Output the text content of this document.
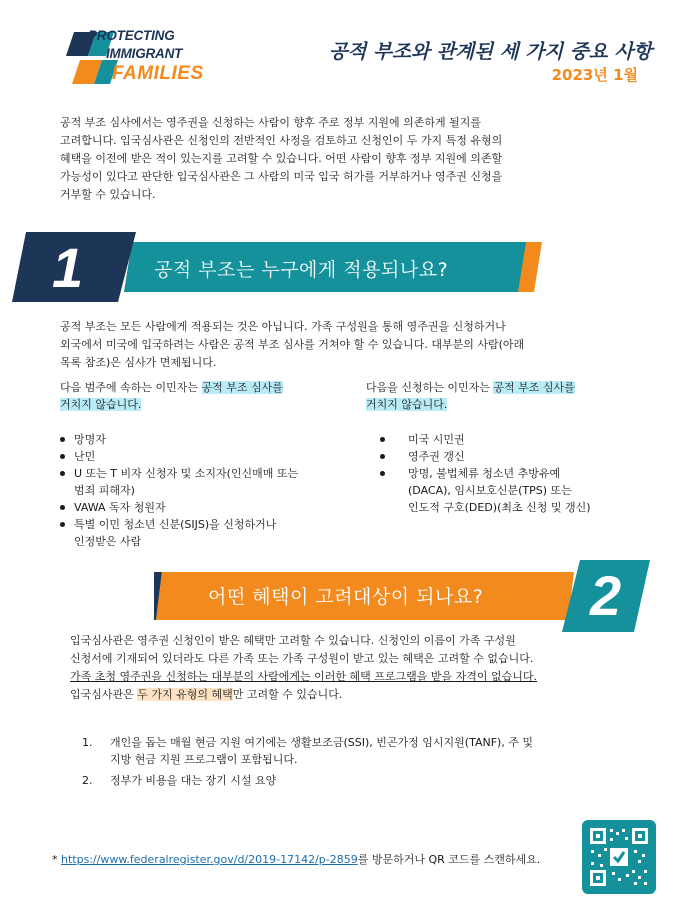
PROTECTING
IMMIGRANT
FAMILIES
공적 부조와 관계된 세 가지 중요 사항
2023년 1월
공적 부조 심사에서는 영주권을 신청하는 사람이 향후 주로 정부 지원에 의존하게 될지를
고려합니다. 입국심사관은 신청인의 전반적인 사정을 검토하고 신청인이 두 가지 특정 유형의
혜택을 이전에 받은 적이 있는지를 고려할 수 있습니다. 어떤 사람이 향후 정부 지원에 의존할
가능성이 있다고 판단한 입국심사관은 그 사람의 미국 입국 허가를 거부하거나 영주권 신청을
거부할 수 있습니다.
1	공적 부조는 누구에게 적용되나요?
공적 부조는 모든 사람에게 적용되는 것은 아닙니다. 가족 구성원을 통해 영주권을 신청하거나
외국에서 미국에 입국하려는 사람은 공적 부조 심사를 거쳐야 할 수 있습니다. 대부분의 사람(아래
목록 참조)은 심사가 면제됩니다.
다음 범주에 속하는 이민자는 공적 부조 심사를
거치지 않습니다.
망명자
난민
U 또는 T 비자 신청자 및 소지자(인신매매 또는
범죄 피해자)
VAWA 독자 청원자
특별 이민 청소년 신분(SIJS)을 신청하거나
인정받은 사람
다음을 신청하는 이민자는 공적 부조 심사를
거치지 않습니다.
미국 시민권
영주권 갱신
망명, 불법체류 청소년 추방유예
(DACA), 임시보호신분(TPS) 또는
인도적 구호(DED)(최초 신청 및 갱신)
어떤 혜택이 고려대상이 되나요? 2
입국심사관은 영주권 신청인이 받은 혜택만 고려할 수 있습니다. 신청인의 이름이 가족 구성원
신청서에 기재되어 있더라도 다른 가족 또는 가족 구성원이 받고 있는 혜택은 고려할 수 없습니다.
가족 초청 영주권을 신청하는 대부분의 사람에게는 이러한 혜택 프로그램을 받을 자격이 없습니다.
입국심사관은 두 가지 유형의 혜택만 고려할 수 있습니다.
1. 개인을 돕는 매월 현금 지원 여기에는 생활보조금(SSI), 빈곤가정 임시지원(TANF), 주 및
지방 현금 지원 프로그램이 포함됩니다.
2. 정부가 비용을 대는 장기 시설 요양
* https://www.federalregister.gov/d/2019-17142/p-2859를 방문하거나 QR 코드를 스캔하세요.
